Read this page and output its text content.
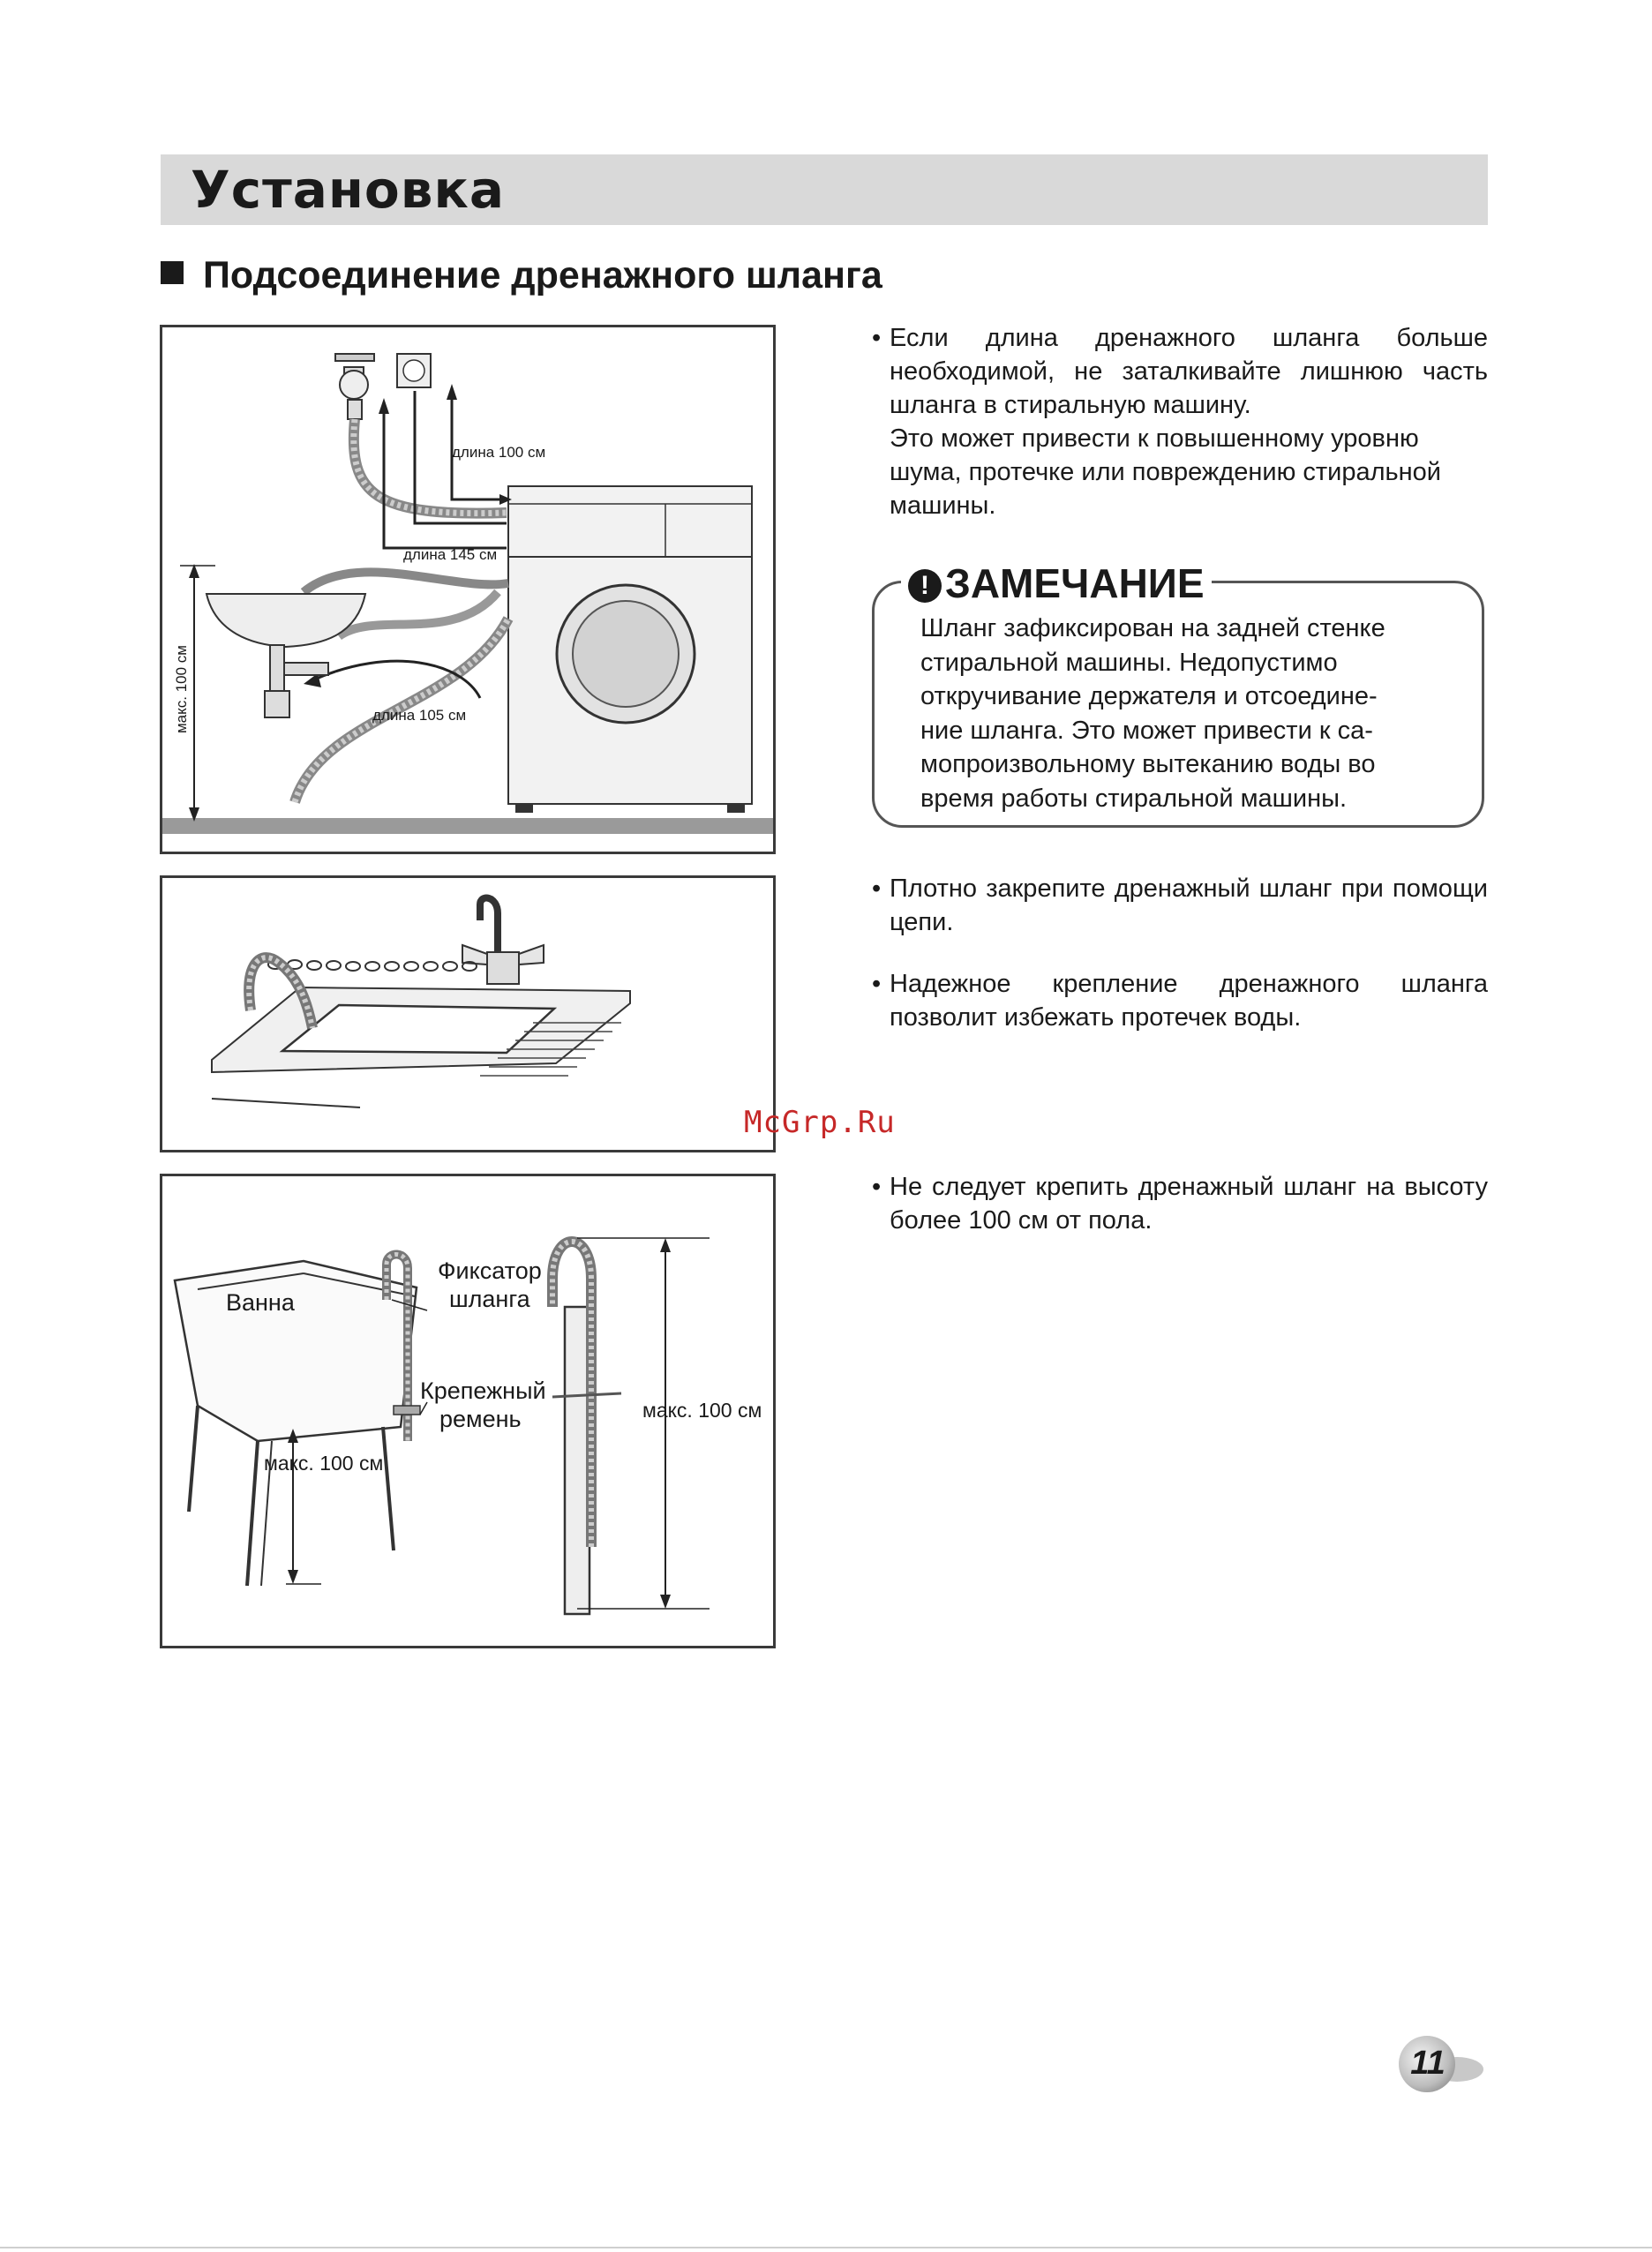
Установка
Подсоединение дренажного шланга
длина 100 см
длина 145 см
длина 105 см
макс. 100 см
Ванна
Фиксатор
шланга
Крепежный
ремень
макс. 100 см
макс. 100 см
• Если длина дренажного шланга больше необходимой, не заталкивайте лишнюю часть шланга в стиральную машину.

Это может привести к повышенному уровню шума, протечке или повреждению стиральной машины.

! ЗАМЕЧАНИЕ

Шланг зафиксирован на задней стенке

стиральной машины. Недопустимо

откручивание держателя и отсоедине-

ние шланга. Это может привести к са-

мопроизвольному вытеканию воды во

время работы стиральной машины.

• Плотно закрепите дренажный шланг при помощи цепи.

• Надежное крепление дренажного шланга позволит избежать протечек воды.

McGrp.Ru
• Не следует крепить дренажный шланг на высоту более 100 см от пола.

11
